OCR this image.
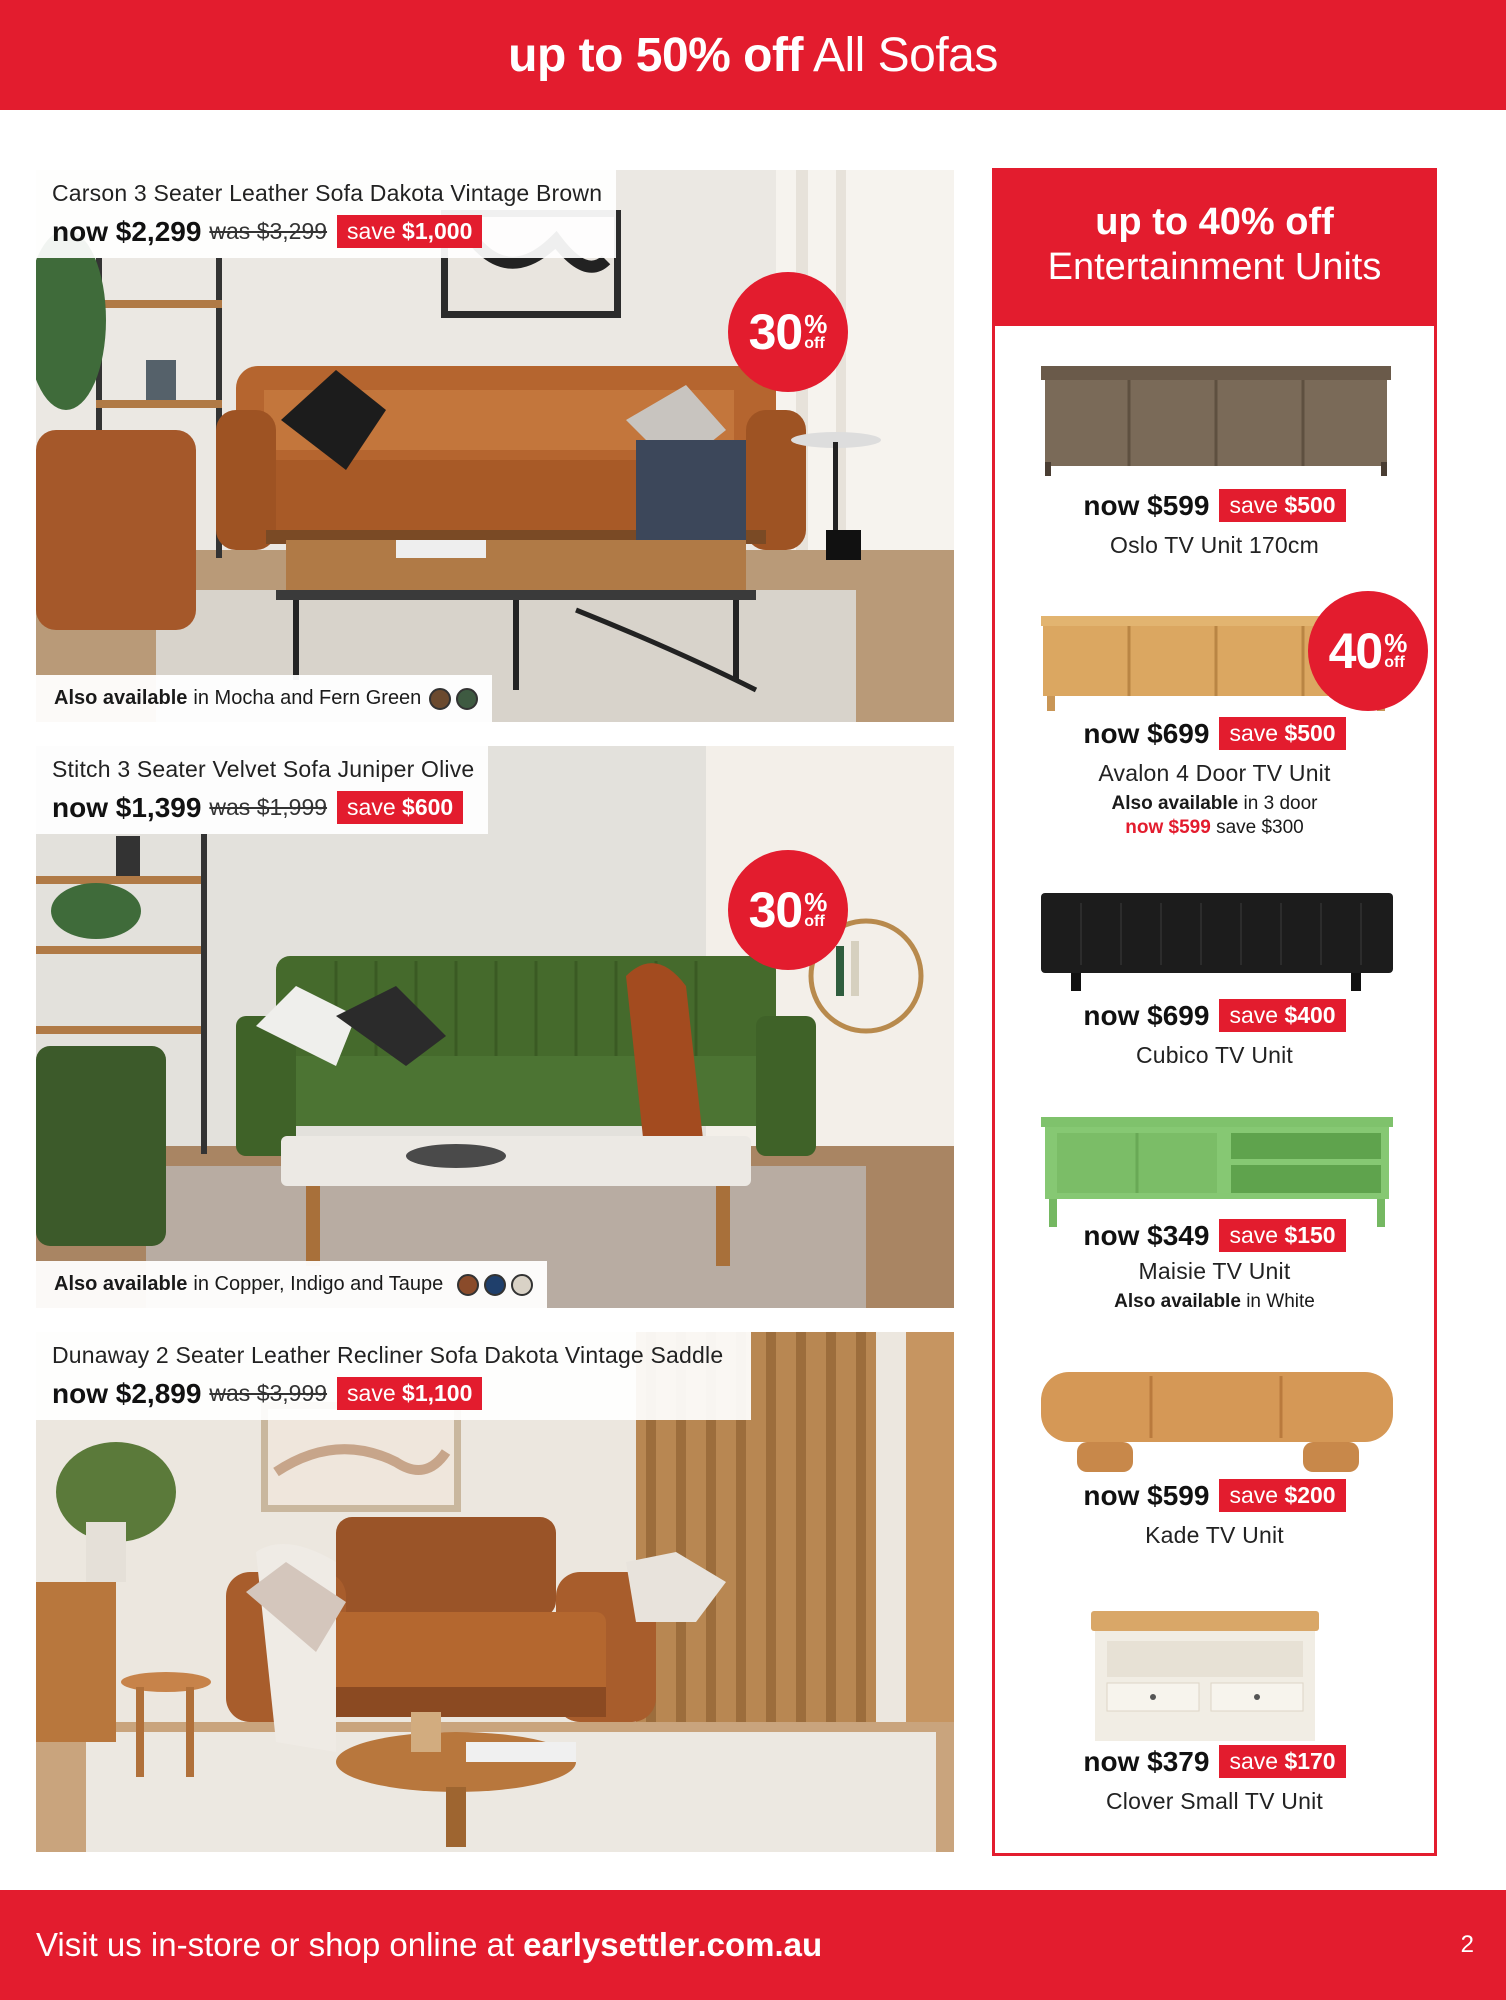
up to 50% off All Sofas
Carson 3 Seater Leather Sofa Dakota Vintage Brown
now $2,299 was $3,299 save $1,000
30 %
off
Also available in Mocha and Fern Green
Stitch 3 Seater Velvet Sofa Juniper Olive
now $1,399 was $1,999 save $600
30 %
off
Also available in Copper, Indigo and Taupe
Dunaway 2 Seater Leather Recliner Sofa Dakota Vintage Saddle
now $2,899 was $3,999 save $1,100
up to 40% off
Entertainment Units
now $599 save $500
Oslo TV Unit 170cm
40 %
off
now $699 save $500
Avalon 4 Door TV Unit
Also available in 3 door
now $599 save $300
now $699 save $400
Cubico TV Unit
now $349 save $150
Maisie TV Unit
Also available in White
now $599 save $200
Kade TV Unit
now $379 save $170
Clover Small TV Unit
Visit us in-store or shop online at earlysettler.com.au	2
